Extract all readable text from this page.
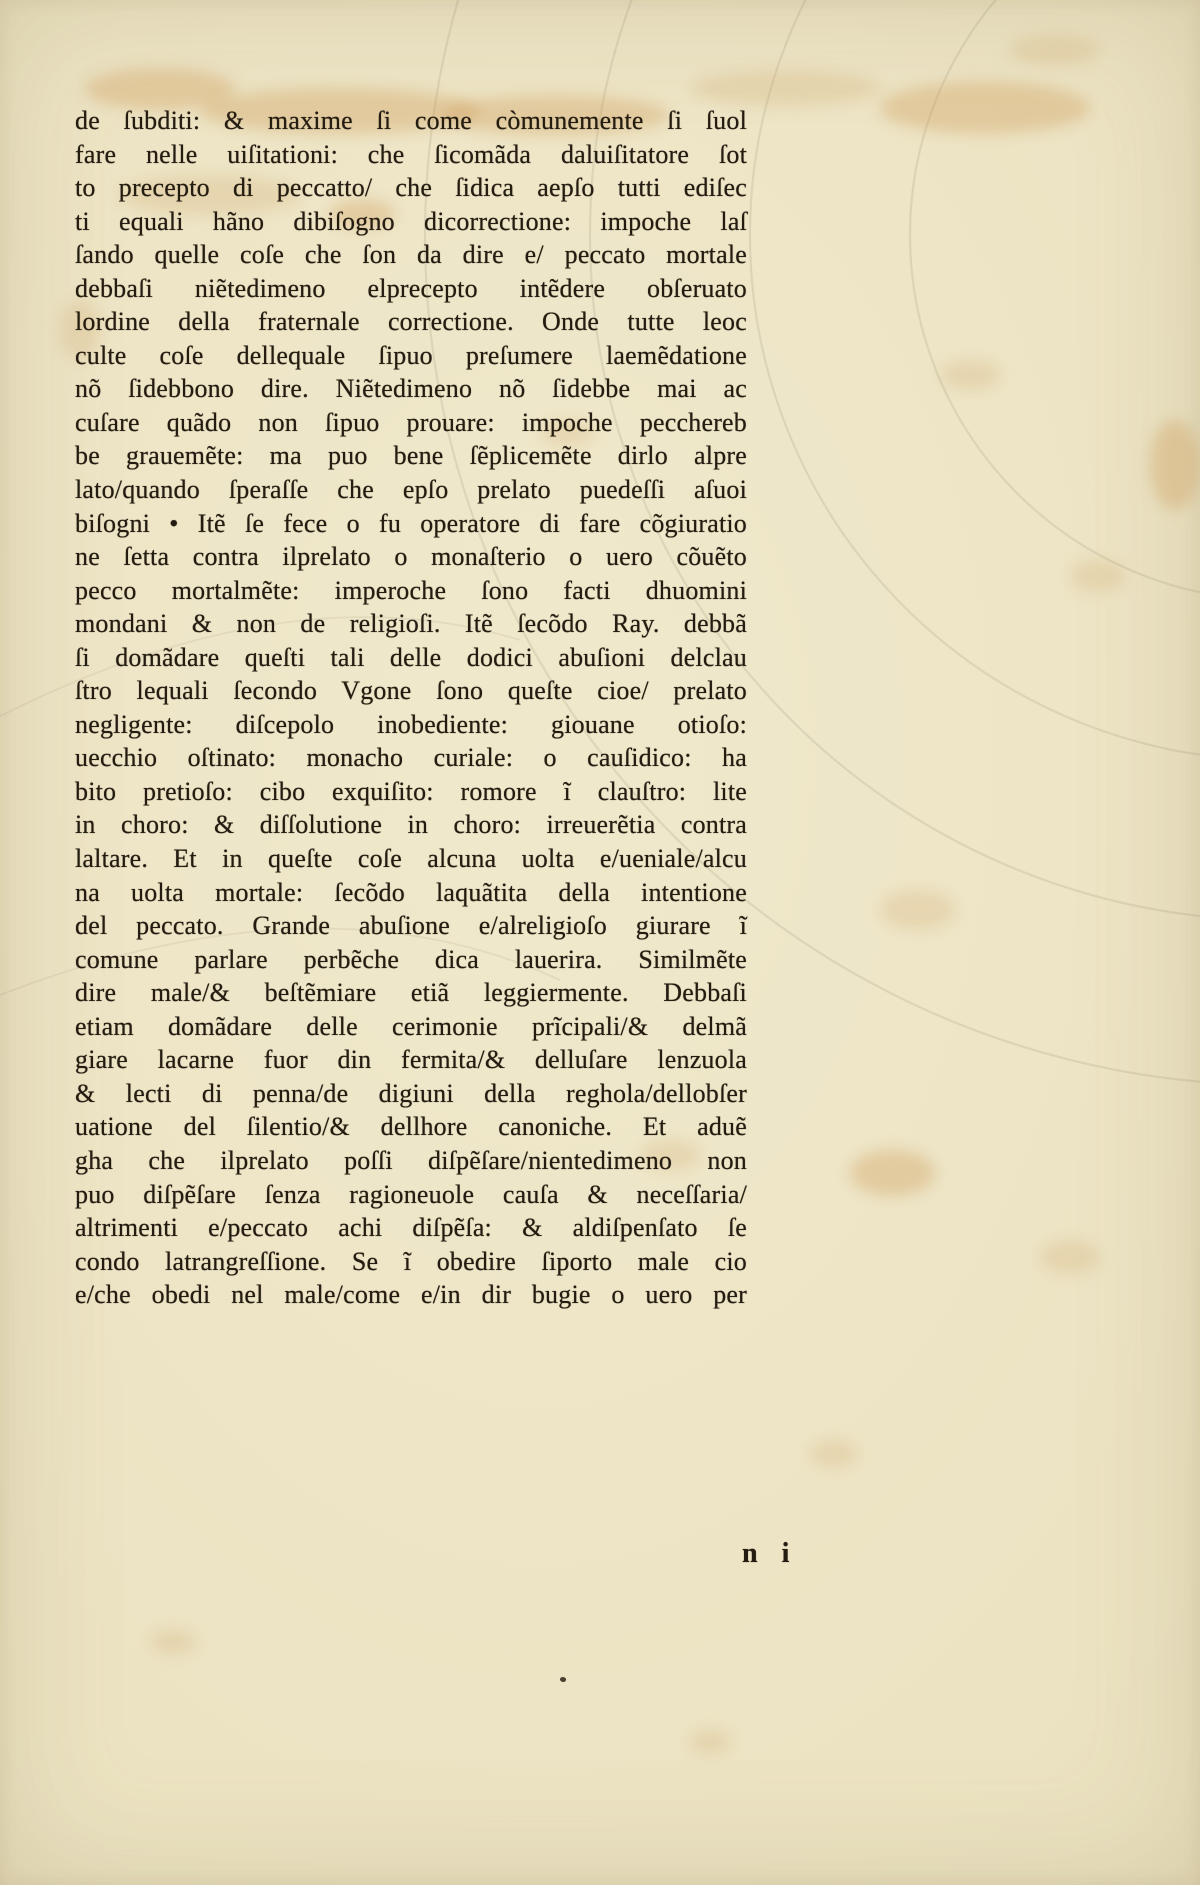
de ſubditi: & maxime ſi come còmunemente ſi ſuol
fare nelle uiſitationi: che ſicomãda daluiſitatore ſot
to precepto di peccatto/ che ſidica aepſo tutti ediſec
ti equali hãno dibiſogno dicorrectione: impoche laſ
ſando quelle coſe che ſon da dire e/ peccato mortale
debbaſi niẽtedimeno elprecepto intẽdere obſeruato
lordine della fraternale correctione. Onde tutte leoc
culte coſe dellequale ſipuo preſumere laemẽdatione
nõ ſidebbono dire. Niẽtedimeno nõ ſidebbe mai ac
cuſare quãdo non ſipuo prouare: impoche pecchereb
be grauemẽte: ma puo bene ſẽplicemẽte dirlo alpre
lato/quando ſperaſſe che epſo prelato puedeſſi aſuoi
biſogni • Itẽ ſe fece o fu operatore di fare cõgiuratio
ne ſetta contra ilprelato o monaſterio o uero cõuẽto
pecco mortalmẽte: imperoche ſono facti dhuomini
mondani & non de religioſi. Itẽ ſecõdo Ray. debbã
ſi domãdare queſti tali delle dodici abuſioni delclau
ſtro lequali ſecondo Vgone ſono queſte cioe/ prelato
negligente: diſcepolo inobediente: giouane otioſo:
uecchio oſtinato: monacho curiale: o cauſidico: ha
bito pretioſo: cibo exquiſito: romore ĩ clauſtro: lite
in choro: & diſſolutione in choro: irreuerẽtia contra
laltare. Et in queſte coſe alcuna uolta e/ueniale/alcu
na uolta mortale: ſecõdo laquãtita della intentione
del peccato. Grande abuſione e/alreligioſo giurare ĩ
comune parlare perbẽche dica lauerira. Similmẽte
dire male/& beſtẽmiare etiã leggiermente. Debbaſi
etiam domãdare delle cerimonie prĩcipali/& delmã
giare lacarne fuor din fermita/& delluſare lenzuola
& lecti di penna/de digiuni della reghola/dellobſer
uatione del ſilentio/& dellhore canoniche. Et aduẽ
gha che ilprelato poſſi diſpẽſare/nientedimeno non
puo diſpẽſare ſenza ragioneuole cauſa & neceſſaria/
altrimenti e/peccato achi diſpẽſa: & aldiſpenſato ſe
condo latrangreſſione. Se ĩ obedire ſiporto male cio
e/che obedi nel male/come e/in dir bugie o uero per
n i
